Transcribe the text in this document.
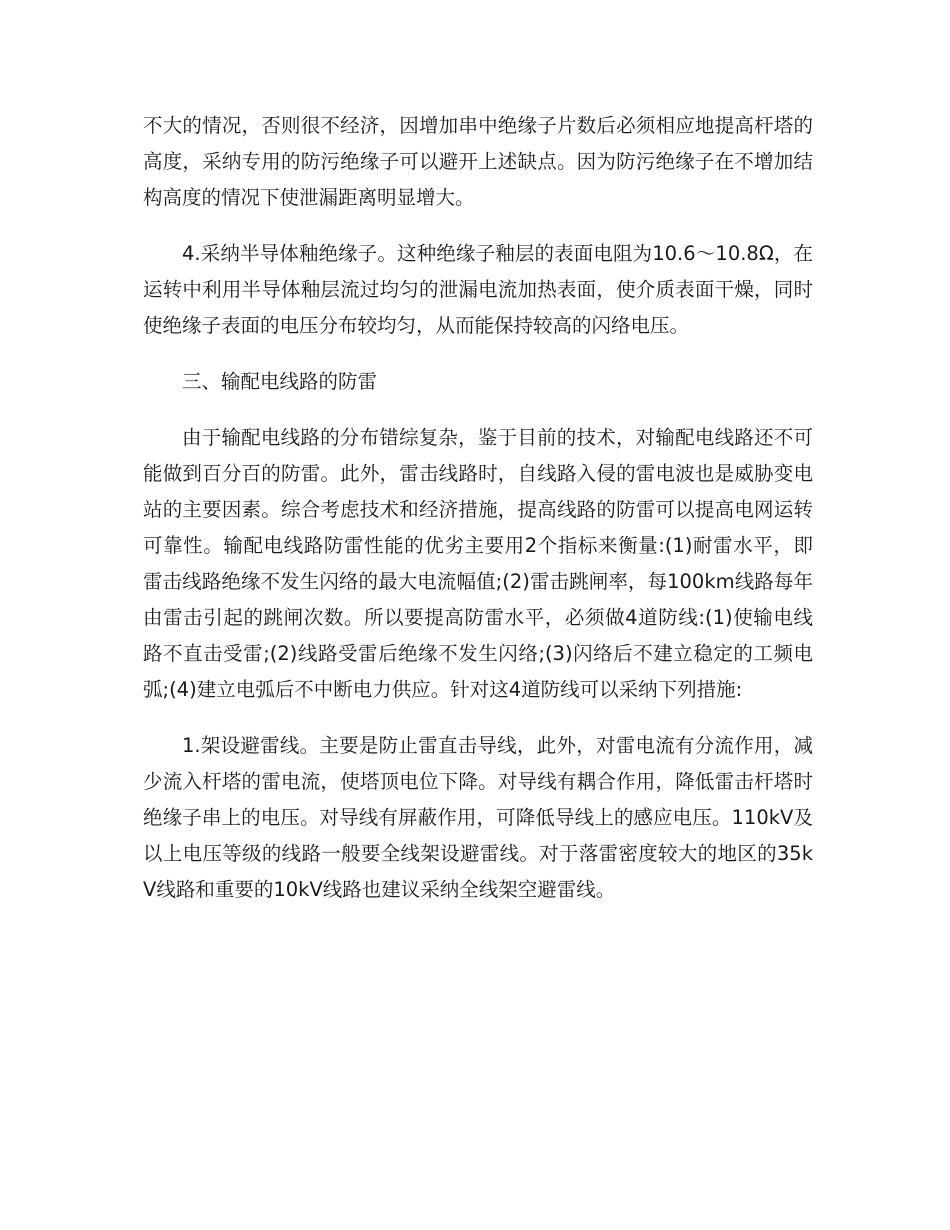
不大的情况，否则很不经济，因增加串中绝缘子片数后必须相应地提高杆塔的高度，采纳专用的防污绝缘子可以避开上述缺点。因为防污绝缘子在不增加结构高度的情况下使泄漏距离明显增大。

4.采纳半导体釉绝缘子。这种绝缘子釉层的表面电阻为10.6～10.8Ω，在运转中利用半导体釉层流过均匀的泄漏电流加热表面，使介质表面干燥，同时使绝缘子表面的电压分布较均匀，从而能保持较高的闪络电压。

三、输配电线路的防雷

由于输配电线路的分布错综复杂，鉴于目前的技术，对输配电线路还不可能做到百分百的防雷。此外，雷击线路时，自线路入侵的雷电波也是威胁变电站的主要因素。综合考虑技术和经济措施，提高线路的防雷可以提高电网运转可靠性。输配电线路防雷性能的优劣主要用2个指标来衡量:(1)耐雷水平，即雷击线路绝缘不发生闪络的最大电流幅值;(2)雷击跳闸率，每100km线路每年由雷击引起的跳闸次数。所以要提高防雷水平，必须做4道防线:(1)使输电线路不直击受雷;(2)线路受雷后绝缘不发生闪络;(3)闪络后不建立稳定的工频电弧;(4)建立电弧后不中断电力供应。针对这4道防线可以采纳下列措施:

1.架设避雷线。主要是防止雷直击导线，此外，对雷电流有分流作用，减少流入杆塔的雷电流，使塔顶电位下降。对导线有耦合作用，降低雷击杆塔时绝缘子串上的电压。对导线有屏蔽作用，可降低导线上的感应电压。110kV及以上电压等级的线路一般要全线架设避雷线。对于落雷密度较大的地区的35kV线路和重要的10kV线路也建议采纳全线架空避雷线。
